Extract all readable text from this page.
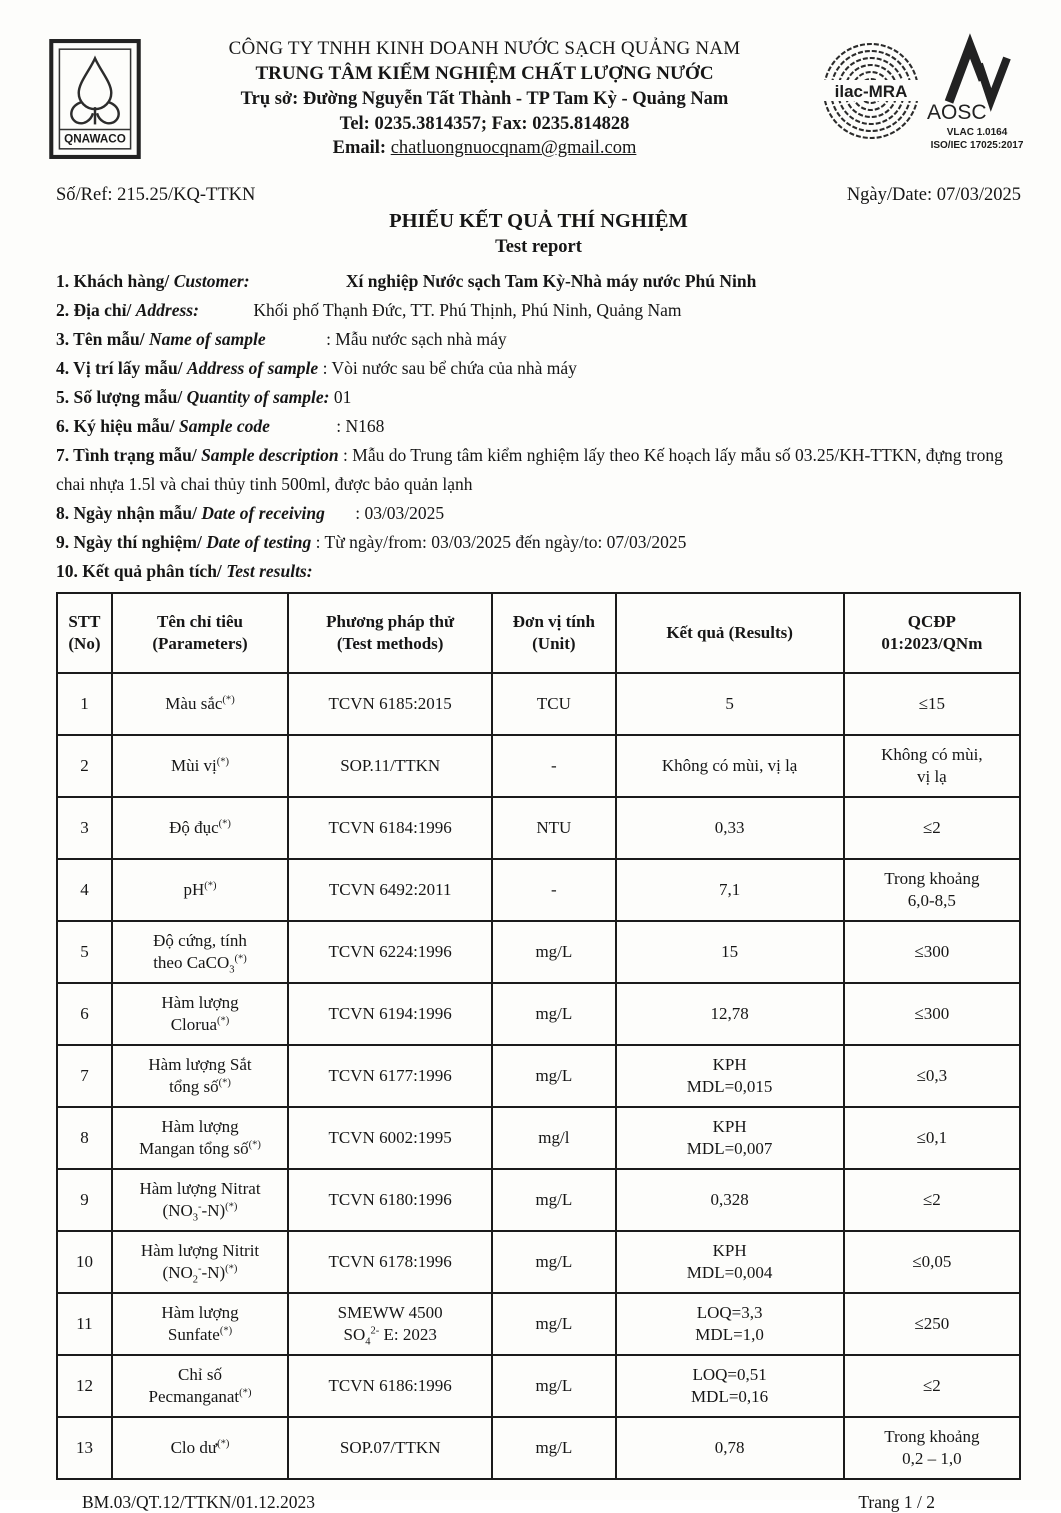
QNAWACO
CÔNG TY TNHH KINH DOANH NƯỚC SẠCH QUẢNG NAM
TRUNG TÂM KIỂM NGHIỆM CHẤT LƯỢNG NƯỚC
Trụ sở: Đường Nguyễn Tất Thành - TP Tam Kỳ - Quảng Nam
Tel: 0235.3814357; Fax: 0235.814828
Email: chatluongnuocqnam@gmail.com
ilac-MRA
AOSC
VLAC 1.0164
ISO/IEC 17025:2017
Số/Ref: 215.25/KQ-TTKN	Ngày/Date: 07/03/2025
PHIẾU KẾT QUẢ THÍ NGHIỆM
Test report
1. Khách hàng/ Customer:	Xí nghiệp Nước sạch Tam Kỳ-Nhà máy nước Phú Ninh
2. Địa chỉ/ Address:	Khối phố Thạnh Đức, TT. Phú Thịnh, Phú Ninh, Quảng Nam
3. Tên mẫu/ Name of sample	: Mẫu nước sạch nhà máy
4. Vị trí lấy mẫu/ Address of sample : Vòi nước sau bể chứa của nhà máy
5. Số lượng mẫu/ Quantity of sample: 01
6. Ký hiệu mẫu/ Sample code	: N168
7. Tình trạng mẫu/ Sample description : Mẫu do Trung tâm kiểm nghiệm lấy theo Kế hoạch lấy mẫu số 03.25/KH-TTKN, đựng trong chai nhựa 1.5l và chai thủy tinh 500ml, được bảo quản lạnh
8. Ngày nhận mẫu/ Date of receiving : 03/03/2025
9. Ngày thí nghiệm/ Date of testing : Từ ngày/from: 03/03/2025 đến ngày/to: 07/03/2025
10. Kết quả phân tích/ Test results:
STT
(No)	Tên chỉ tiêu
(Parameters)	Phương pháp thử
(Test methods)	Đơn vị tính
(Unit)	Kết quả (Results)	QCĐP
01:2023/QNm
1	Màu sắc(*)	TCVN 6185:2015	TCU	5	≤15
2	Mùi vị(*)	SOP.11/TTKN	-	Không có mùi, vị lạ	Không có mùi,
vị lạ
3	Độ đục(*)	TCVN 6184:1996	NTU	0,33	≤2
4	pH(*)	TCVN 6492:2011	-	7,1	Trong khoảng
6,0-8,5
5	Độ cứng, tính
theo CaCO$_3$(*)	TCVN 6224:1996	mg/L	15	≤300
6	Hàm lượng
Clorua(*)	TCVN 6194:1996	mg/L	12,78	≤300
7	Hàm lượng Sắt
tổng số(*)	TCVN 6177:1996	mg/L	KPH
MDL=0,015	≤0,3
8	Hàm lượng
Mangan tổng số(*)	TCVN 6002:1995	mg/l	KPH
MDL=0,007	≤0,1
9	Hàm lượng Nitrat
$(NO_3^--N)^{(*)}$	TCVN 6180:1996	mg/L	0,328	≤2
10	Hàm lượng Nitrit
$(NO_2^--N)^{(*)}$	TCVN 6178:1996	mg/L	KPH
MDL=0,004	≤0,05
11	Hàm lượng
Sunfate(*)	SMEWW 4500
$SO_4^{2-}$ E: 2023	mg/L	LOQ=3,3
MDL=1,0	≤250
12	Chỉ số
Pecmanganat(*)	TCVN 6186:1996	mg/L	LOQ=0,51
MDL=0,16	≤2
13	Clo dư(*)	SOP.07/TTKN	mg/L	0,78	Trong khoảng
0,2 – 1,0
BM.03/QT.12/TTKN/01.12.2023	Trang 1 / 2
